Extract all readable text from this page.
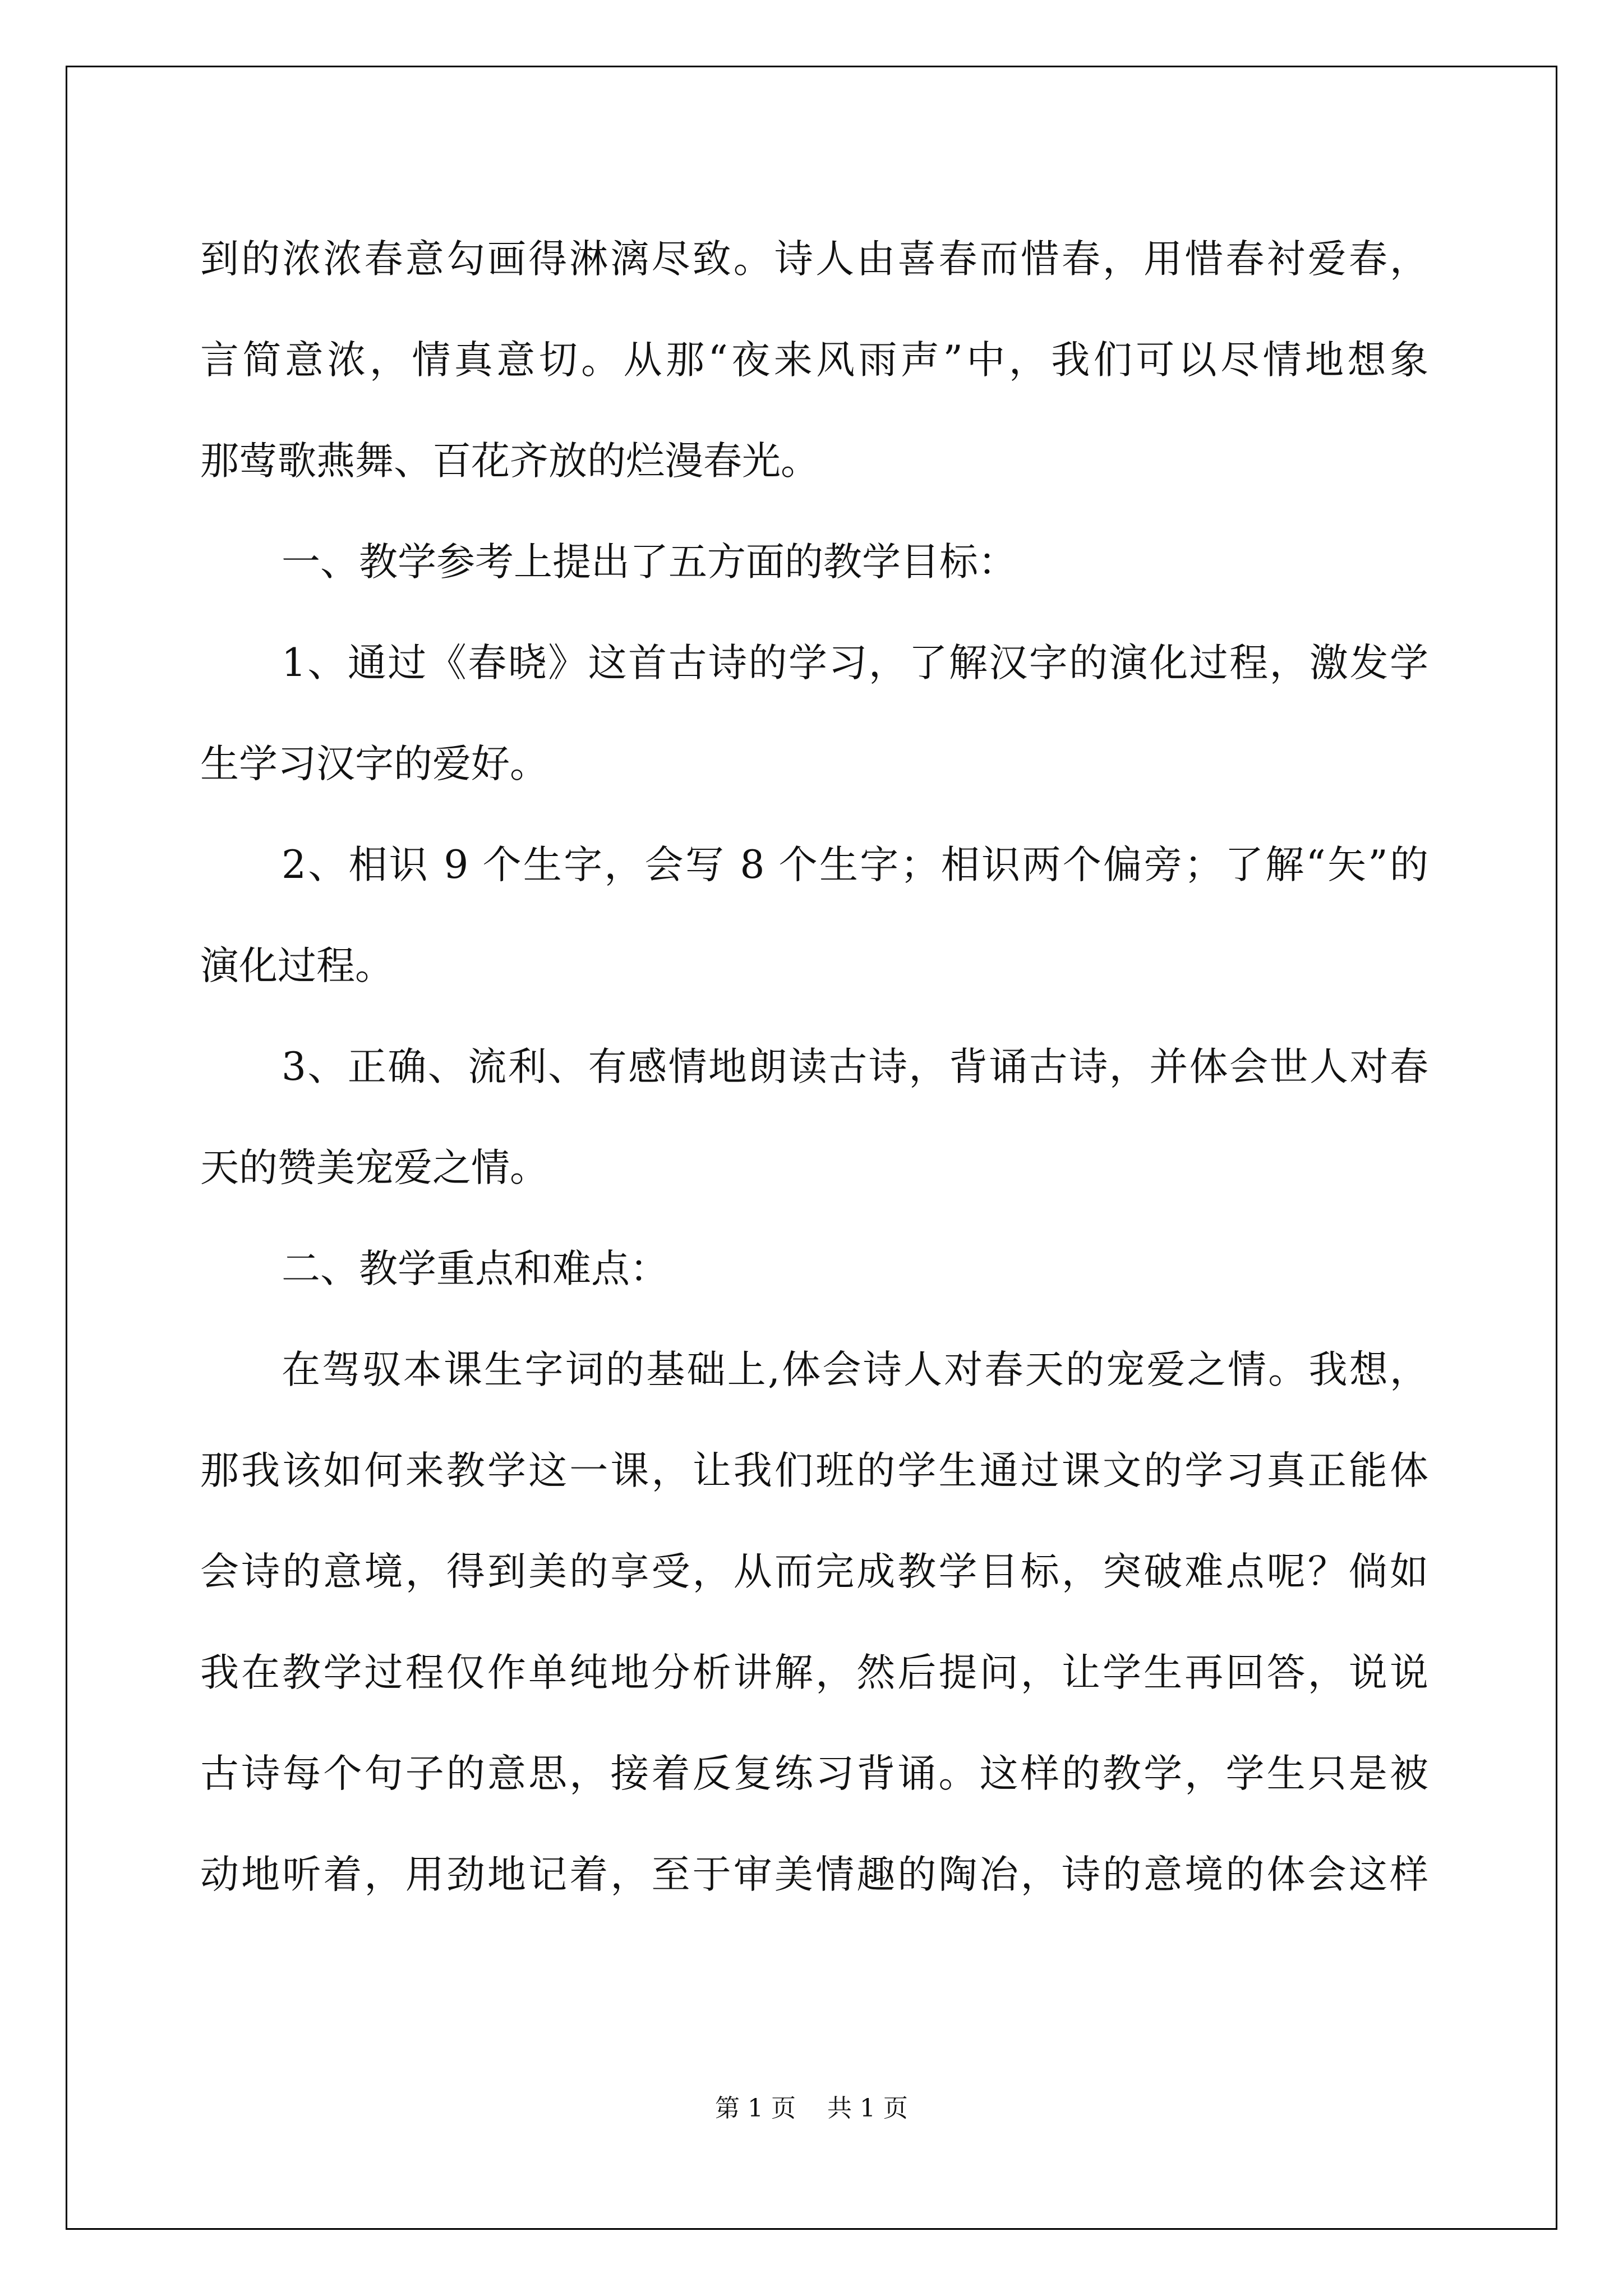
到的浓浓春意勾画得淋漓尽致。诗人由喜春而惜春，用惜春衬爱春，
言简意浓，情真意切。从那“夜来风雨声”中，我们可以尽情地想象
那莺歌燕舞、百花齐放的烂漫春光。
一、教学参考上提出了五方面的教学目标：
1、通过《春晓》这首古诗的学习，了解汉字的演化过程，激发学
生学习汉字的爱好。
2、相识 9 个生字，会写 8 个生字；相识两个偏旁；了解“矢”的
演化过程。
3、正确、流利、有感情地朗读古诗，背诵古诗，并体会世人对春
天的赞美宠爱之情。
二、教学重点和难点：
在驾驭本课生字词的基础上,体会诗人对春天的宠爱之情。我想，
那我该如何来教学这一课，让我们班的学生通过课文的学习真正能体
会诗的意境，得到美的享受，从而完成教学目标，突破难点呢？倘如
我在教学过程仅作单纯地分析讲解，然后提问，让学生再回答，说说
古诗每个句子的意思，接着反复练习背诵。这样的教学，学生只是被
动地听着，用劲地记着，至于审美情趣的陶冶，诗的意境的体会这样
第 1 页    共 1 页
